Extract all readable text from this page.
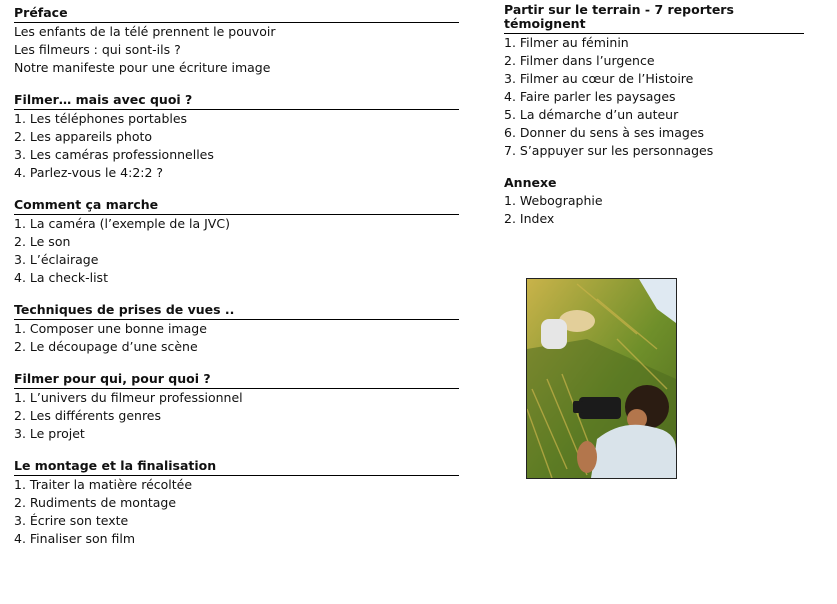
Préface
Les enfants de la télé prennent le pouvoir
Les filmeurs : qui sont-ils ?
Notre manifeste pour une écriture image
Filmer… mais avec quoi ?
1. Les téléphones portables
2. Les appareils photo
3. Les caméras professionnelles
4. Parlez-vous le 4:2:2 ?
Comment ça marche
1. La caméra (l’exemple de la JVC)
2. Le son
3. L’éclairage
4. La check-list
Techniques de prises de vues ..
1. Composer une bonne image
2. Le découpage d’une scène
Filmer pour qui, pour quoi ?
1. L’univers du filmeur professionnel
2. Les différents genres
3. Le projet
Le montage et la finalisation
1. Traiter la matière récoltée
2. Rudiments de montage
3. Écrire son texte
4. Finaliser son film
Partir sur le terrain - 7 reporters témoignent
1. Filmer au féminin
2. Filmer dans l’urgence
3. Filmer au cœur de l’Histoire
4. Faire parler les paysages
5. La démarche d’un auteur
6. Donner du sens à ses images
7. S’appuyer sur les personnages
Annexe
1. Webographie
2. Index
